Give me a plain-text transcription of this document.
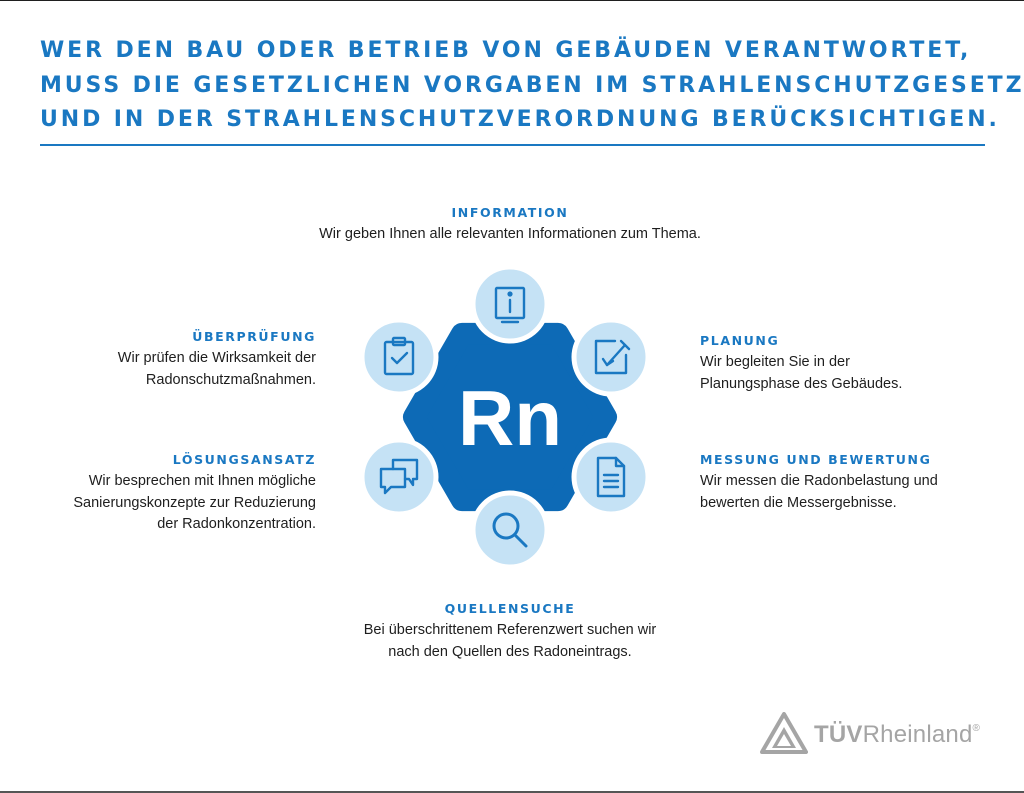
WER DEN BAU ODER BETRIEB VON GEBÄUDEN VERANTWORTET,
MUSS DIE GESETZLICHEN VORGABEN IM STRAHLENSCHUTZGESETZ
UND IN DER STRAHLENSCHUTZVERORDNUNG BERÜCKSICHTIGEN.
Rn
INFORMATION
Wir geben Ihnen alle relevanten Informationen zum Thema.
PLANUNG
Wir begleiten Sie in der
Planungsphase des Gebäudes.
MESSUNG UND BEWERTUNG
Wir messen die Radonbelastung und
bewerten die Messergebnisse.
QUELLENSUCHE
Bei überschrittenem Referenzwert suchen wir
nach den Quellen des Radoneintrags.
LÖSUNGSANSATZ
Wir besprechen mit Ihnen mögliche
Sanierungskonzepte zur Reduzierung
der Radonkonzentration.
ÜBERPRÜFUNG
Wir prüfen die Wirksamkeit der
Radonschutzmaßnahmen.
TÜVRheinland®
